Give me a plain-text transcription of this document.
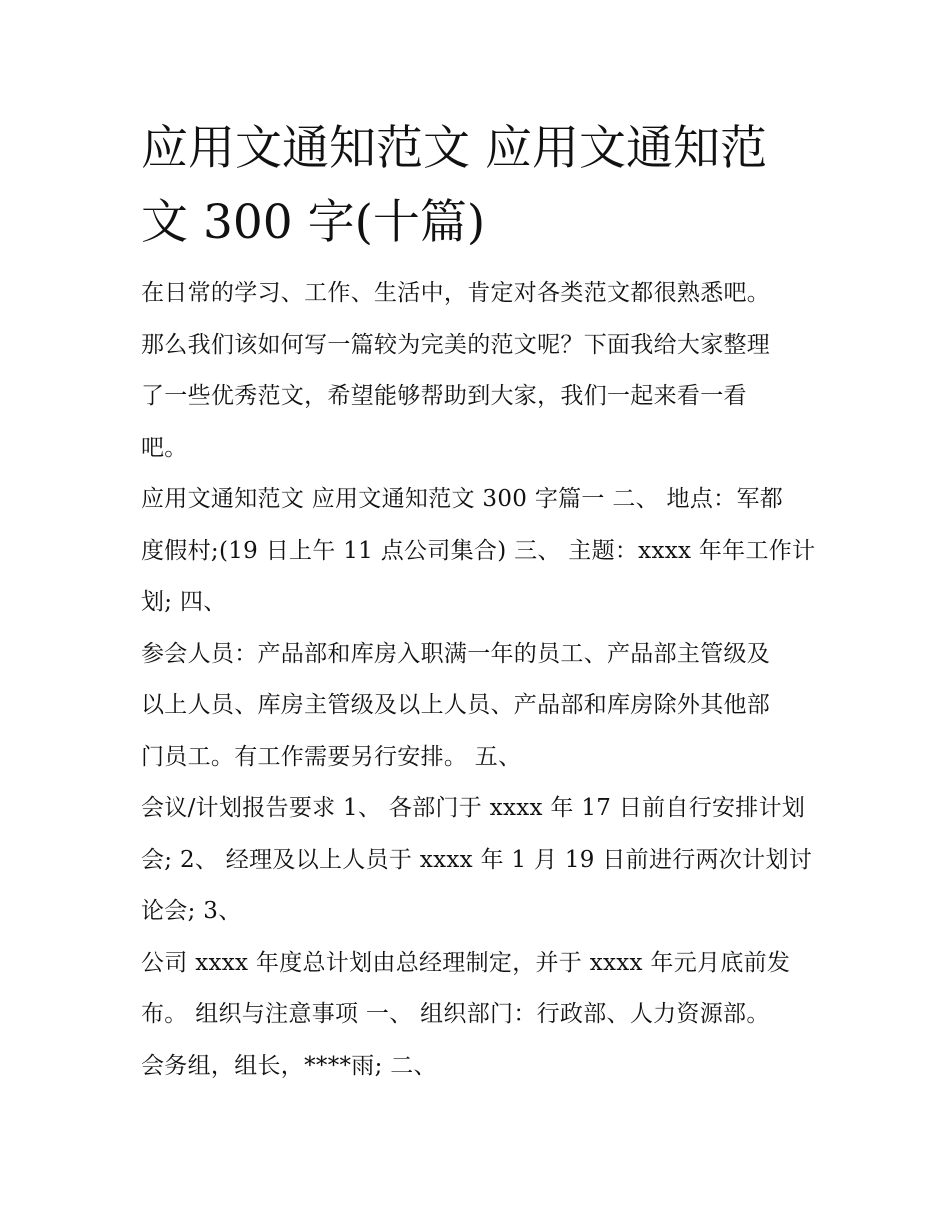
应用文通知范文 应用文通知范
文 300 字(十篇)

在日常的学习、工作、生活中，肯定对各类范文都很熟悉吧。
那么我们该如何写一篇较为完美的范文呢？下面我给大家整理
了一些优秀范文，希望能够帮助到大家，我们一起来看一看
吧。

应用文通知范文 应用文通知范文 300 字篇一 二、 地点：军都
度假村;(19 日上午 11 点公司集合) 三、 主题：xxxx 年年工作计
划; 四、

参会人员：产品部和库房入职满一年的员工、产品部主管级及
以上人员、库房主管级及以上人员、产品部和库房除外其他部
门员工。有工作需要另行安排。 五、

会议/计划报告要求 1、 各部门于 xxxx 年 17 日前自行安排计划
会; 2、 经理及以上人员于 xxxx 年 1 月 19 日前进行两次计划讨
论会; 3、

公司 xxxx 年度总计划由总经理制定，并于 xxxx 年元月底前发
布。 组织与注意事项 一、 组织部门：行政部、人力资源部。
会务组，组长，****雨; 二、
